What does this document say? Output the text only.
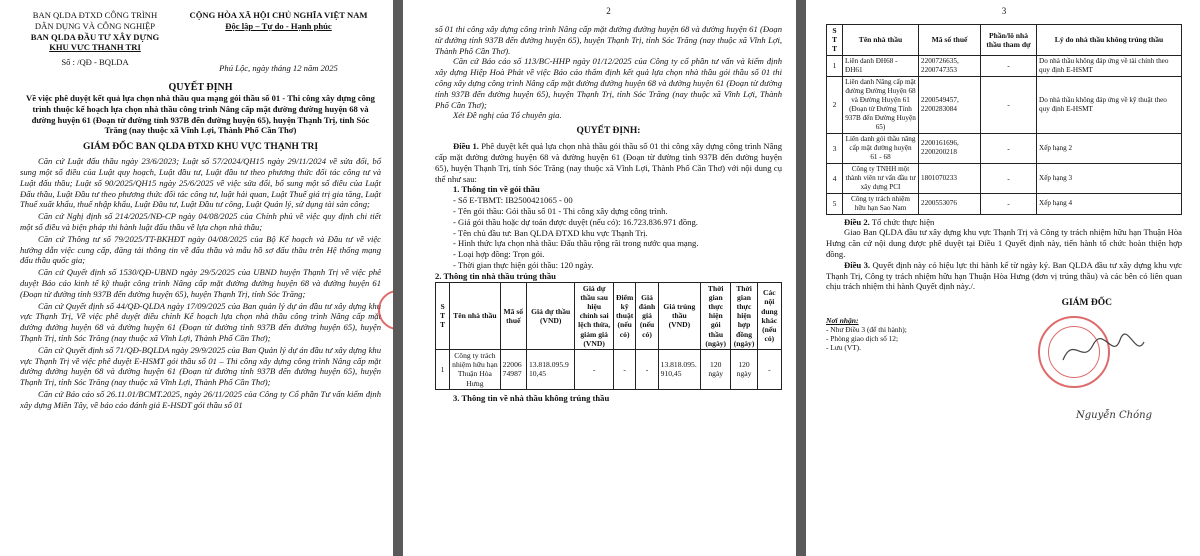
BAN QLDA ĐTXD CÔNG TRÌNH
DÂN DỤNG VÀ CÔNG NGHIỆP
BAN QLDA ĐẦU TƯ XÂY DỰNG
KHU VỰC THẠNH TRỊ
CỘNG HÒA XÃ HỘI CHỦ NGHĨA VIỆT NAM
Độc lập – Tự do - Hạnh phúc
Số : /QĐ - BQLDA
Phú Lộc, ngày tháng 12 năm 2025
QUYẾT ĐỊNH
Về việc phê duyệt kết quả lựa chọn nhà thầu qua mạng gói thầu số 01 - Thi công xây dựng công trình thuộc kế hoạch lựa chọn nhà thầu công trình Nâng cấp mặt đường đường huyện 68 và đường huyện 61 (Đoạn từ đường tỉnh 937B đến đường huyện 65), huyện Thạnh Trị, tỉnh Sóc Trăng (nay thuộc xã Vĩnh Lợi, Thành Phố Cần Thơ)
GIÁM ĐỐC BAN QLDA ĐTXD KHU VỰC THẠNH TRỊ
Căn cứ Luật đấu thầu ngày 23/6/2023; Luật số 57/2024/QH15 ngày 29/11/2024 về sửa đổi, bổ sung một số điều của Luật quy hoạch, Luật đầu tư, Luật đầu tư theo phương thức đối tác công tư và Luật đấu thầu; Luật số 90/2025/QH15 ngày 25/6/2025 về việc sửa đổi, bổ sung một số điều của Luật Đấu thầu, Luật Đầu tư theo phương thức đối tác công tư, luật hải quan, Luật Thuế giá trị gia tăng, Luật Thuế xuất khẩu, thuế nhập khẩu, Luật Đầu tư, Luật Đầu tư công, Luật Quản lý, sử dụng tài sản công;
Căn cứ Nghị định số 214/2025/NĐ-CP ngày 04/08/2025 của Chính phủ về việc quy định chi tiết một số điều và biện pháp thi hành luật đấu thầu về lựa chọn nhà thầu;
Căn cứ Thông tư số 79/2025/TT-BKHĐT ngày 04/08/2025 của Bộ Kế hoạch và Đầu tư về việc hướng dẫn việc cung cấp, đăng tải thông tin về đấu thầu và mẫu hồ sơ đấu thầu trên Hệ thống mạng đấu thầu quốc gia;
Căn cứ Quyết định số 1530/QĐ-UBND ngày 29/5/2025 của UBND huyện Thạnh Trị về việc phê duyệt Báo cáo kinh tế kỹ thuật công trình Nâng cấp mặt đường đường huyện 68 và đường huyện 61 (Đoạn từ đường tỉnh 937B đến đường huyện 65), huyện Thạnh Trị, tỉnh Sóc Trăng;
Căn cứ Quyết định số 44/QĐ-QLDA ngày 17/09/2025 của Ban quản lý dự án đầu tư xây dựng khu vực Thạnh Trị, Về việc phê duyệt điều chỉnh Kế hoạch lựa chọn nhà thầu công trình Nâng cấp mặt đường đường huyện 68 và đường huyện 61 (Đoạn từ đường tỉnh 937B đến đường huyện 65), huyện Thạnh Trị, tỉnh Sóc Trăng (nay thuộc xã Vĩnh Lợi, Thành Phố Cần Thơ);
Căn cứ Quyết định số 71/QĐ-BQLDA ngày 29/9/2025 của Ban Quản lý dự án đầu tư xây dựng khu vực Thạnh Trị về việc phê duyệt E-HSMT gói thầu số 01 – Thi công xây dựng công trình Nâng cấp mặt đường đường huyện 68 và đường huyện 61 (Đoạn từ đường tỉnh 937B đến đường huyện 65), huyện Thạnh Trị, tỉnh Sóc Trăng (nay thuộc xã Vĩnh Lợi, Thành Phố Cần Thơ);
Căn cứ Báo cáo số 26.11.01/BCMT.2025, ngày 26/11/2025 của Công ty Cổ phần Tư vấn kiểm định xây dựng Miền Tây, về báo cáo đánh giá E-HSDT gói thầu số 01
2
số 01 thi công xây dựng công trình Nâng cấp mặt đường đường huyện 68 và đường huyện 61 (Đoạn từ đường tỉnh 937B đến đường huyện 65), huyện Thạnh Trị, tỉnh Sóc Trăng (nay thuộc xã Vĩnh Lợi, Thành Phố Cần Thơ).
Căn cứ Báo cáo số 113/BC-HHP ngày 01/12/2025 của Công ty cổ phần tư vấn và kiểm định xây dựng Hiệp Hoà Phát về việc Báo cáo thẩm định kết quả lựa chọn nhà thầu gói thầu số 01 thi công xây dựng công trình Nâng cấp mặt đường đường huyện 68 và đường huyện 61 (Đoạn từ đường tỉnh 937B đến đường huyện 65), huyện Thạnh Trị, tỉnh Sóc Trăng (nay thuộc xã Vĩnh Lợi, Thành Phố Cần Thơ);
Xét Đề nghị của Tổ chuyên gia.
QUYẾT ĐỊNH:
Điều 1. Phê duyệt kết quả lựa chọn nhà thầu gói thầu số 01 thi công xây dựng công trình Nâng cấp mặt đường đường huyện 68 và đường huyện 61 (Đoạn từ đường tỉnh 937B đến đường huyện 65), huyện Thạnh Trị, tỉnh Sóc Trăng (nay thuộc xã Vĩnh Lợi, Thành Phố Cần Thơ) với nội dung cụ thể như sau:
1. Thông tin về gói thầu
- Số E-TBMT: IB2500421065 - 00
- Tên gói thầu: Gói thầu số 01 - Thi công xây dựng công trình.
- Giá gói thầu hoặc dự toán được duyệt (nếu có): 16.723.836.971 đồng.
- Tên chủ đầu tư: Ban QLDA ĐTXD khu vực Thạnh Trị.
- Hình thức lựa chọn nhà thầu: Đấu thầu rộng rãi trong nước qua mạng.
- Loại hợp đồng: Trọn gói.
- Thời gian thực hiện gói thầu: 120 ngày.
2. Thông tin nhà thầu trúng thầu
S T T	Tên nhà thầu	Mã số thuế	Giá dự thầu (VND)	Giá dự thầu sau hiệu chỉnh sai lệch thừa, giảm giá (VND)	Điểm kỹ thuật (nếu có)	Giá đánh giá (nếu có)	Giá trúng thầu (VND)	Thời gian thực hiện gói thầu (ngày)	Thời gian thực hiện hợp đồng (ngày)	Các nội dung khác (nếu có)
1	Công ty trách nhiệm hữu hạn Thuận Hòa Hưng	2200674987	13.818.095.910,45	-	-	-	13.818.095.910,45	120 ngày	120 ngày	-
3. Thông tin về nhà thầu không trúng thầu
3
S T T	Tên nhà thầu	Mã số thuế	Phần/lô nhà thầu tham dự	Lý do nhà thầu không trúng thầu
1	Liên danh ĐH68 - ĐH61	2200726635, 2200747353	-	Do nhà thầu không đáp ứng về tài chính theo quy định E-HSMT
2	Liên danh Nâng cấp mặt đường Đường Huyện 68 và Đường Huyện 61 (Đoạn từ Đường Tỉnh 937B đến Đường Huyện 65)	2200549457, 2200283084	-	Do nhà thầu không đáp ứng về kỹ thuật theo quy định E-HSMT
3	Liên danh gói thầu nâng cấp mặt đường huyện 61 - 68	2200161696, 2200200218	-	Xếp hạng 2
4	Công ty TNHH một thành viên tư vấn đầu tư xây dựng PCI	1801070233	-	Xếp hạng 3
5	Công ty trách nhiệm hữu hạn Sao Nam	2200553076	-	Xếp hạng 4
Điều 2. Tổ chức thực hiện
Giao Ban QLDA đầu tư xây dựng khu vực Thạnh Trị và Công ty trách nhiệm hữu hạn Thuận Hòa Hưng căn cứ nội dung được phê duyệt tại Điều 1 Quyết định này, tiến hành tổ chức hoàn thiện hợp đồng.
Điều 3. Quyết định này có hiệu lực thi hành kể từ ngày ký. Ban QLDA đầu tư xây dựng khu vực Thạnh Trị, Công ty trách nhiệm hữu hạn Thuận Hòa Hưng (đơn vị trúng thầu) và các bên có liên quan chịu trách nhiệm thi hành Quyết định này./.
GIÁM ĐỐC
Nơi nhận:
- Như Điều 3 (để thi hành);
- Phòng giao dịch số 12;
- Lưu (VT).
Nguyễn Chóng
